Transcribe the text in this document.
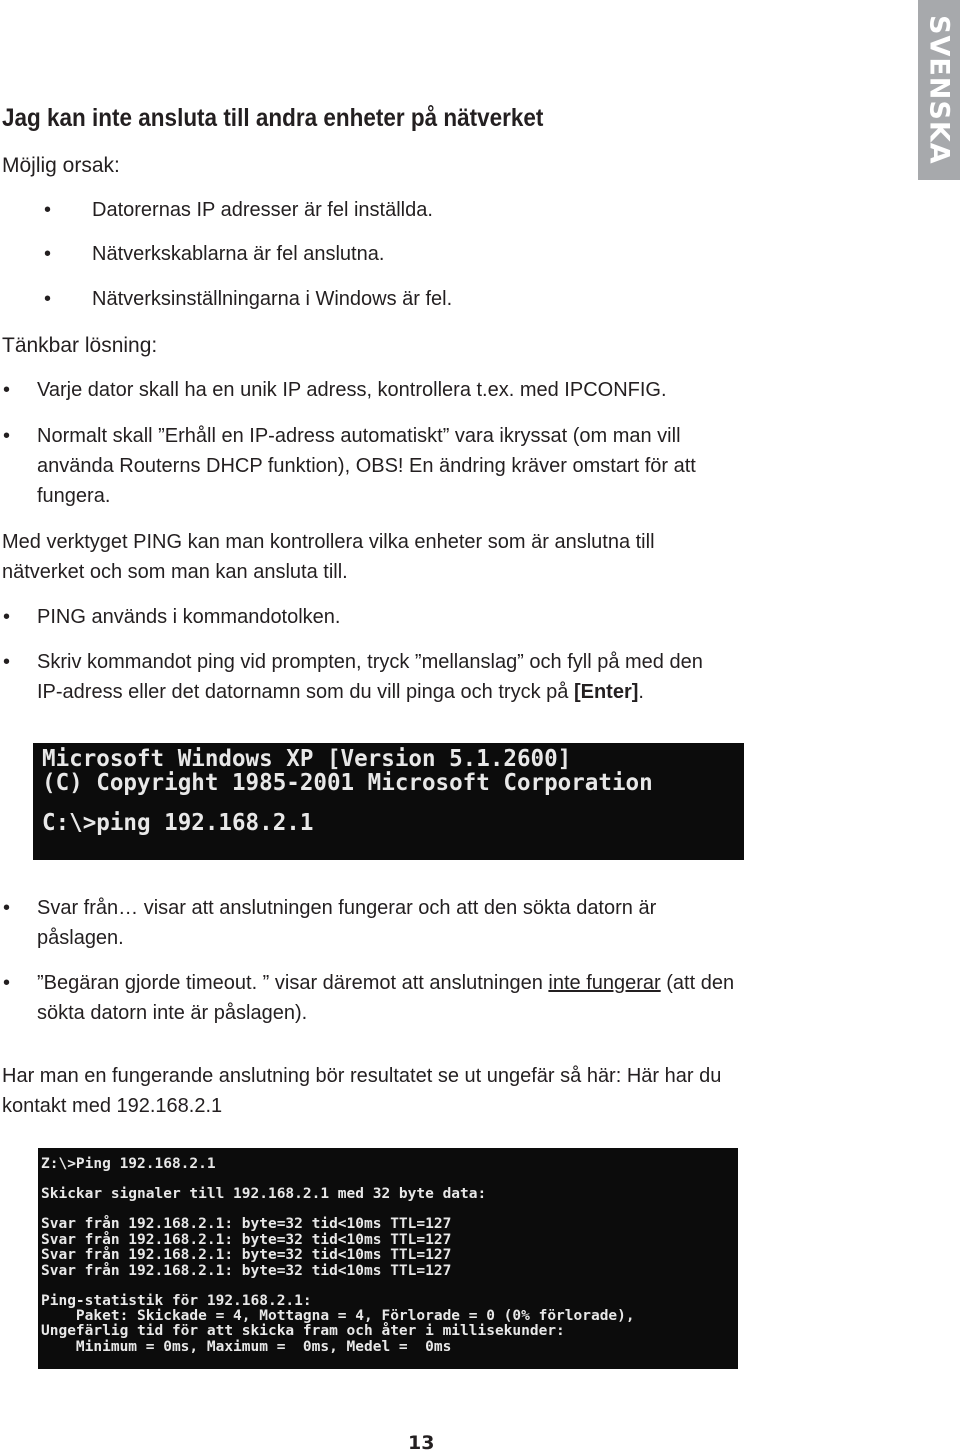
SVENSKA
Jag kan inte ansluta till andra enheter på nätverket
Möjlig orsak:
• Datorernas IP adresser är fel inställda.
• Nätverkskablarna är fel anslutna.
• Nätverksinställningarna i Windows är fel.
Tänkbar lösning:
• Varje dator skall ha en unik IP adress, kontrollera t.ex. med IPCONFIG.
• Normalt skall ”Erhåll en IP-adress automatiskt” vara ikryssat (om man vill
använda Routerns DHCP funktion), OBS! En ändring kräver omstart för att
fungera.
Med verktyget PING kan man kontrollera vilka enheter som är anslutna till
nätverket och som man kan ansluta till.
• PING används i kommandotolken.
• Skriv kommandot ping vid prompten, tryck ”mellanslag” och fyll på med den
IP-adress eller det datornamn som du vill pinga och tryck på [Enter].

Microsoft Windows XP [Version 5.1.2600]

(C) Copyright 1985-2001 Microsoft Corporation

C:\>ping 192.168.2.1

• Svar från… visar att anslutningen fungerar och att den sökta datorn är
påslagen.
• ”Begäran gjorde timeout. ” visar däremot att anslutningen inte fungerar (att den
sökta datorn inte är påslagen).
Har man en fungerande anslutning bör resultatet se ut ungefär så här: Här har du
kontakt med 192.168.2.1

Z:\>Ping 192.168.2.1

Skickar signaler till 192.168.2.1 med 32 byte data:

Svar från 192.168.2.1: byte=32 tid<10ms TTL=127

Svar från 192.168.2.1: byte=32 tid<10ms TTL=127

Svar från 192.168.2.1: byte=32 tid<10ms TTL=127

Svar från 192.168.2.1: byte=32 tid<10ms TTL=127

Ping-statistik för 192.168.2.1:

Paket: Skickade = 4, Mottagna = 4, Förlorade = 0 (0% förlorade),

Ungefärlig tid för att skicka fram och åter i millisekunder:

Minimum = 0ms, Maximum =  0ms, Medel =  0ms

13
